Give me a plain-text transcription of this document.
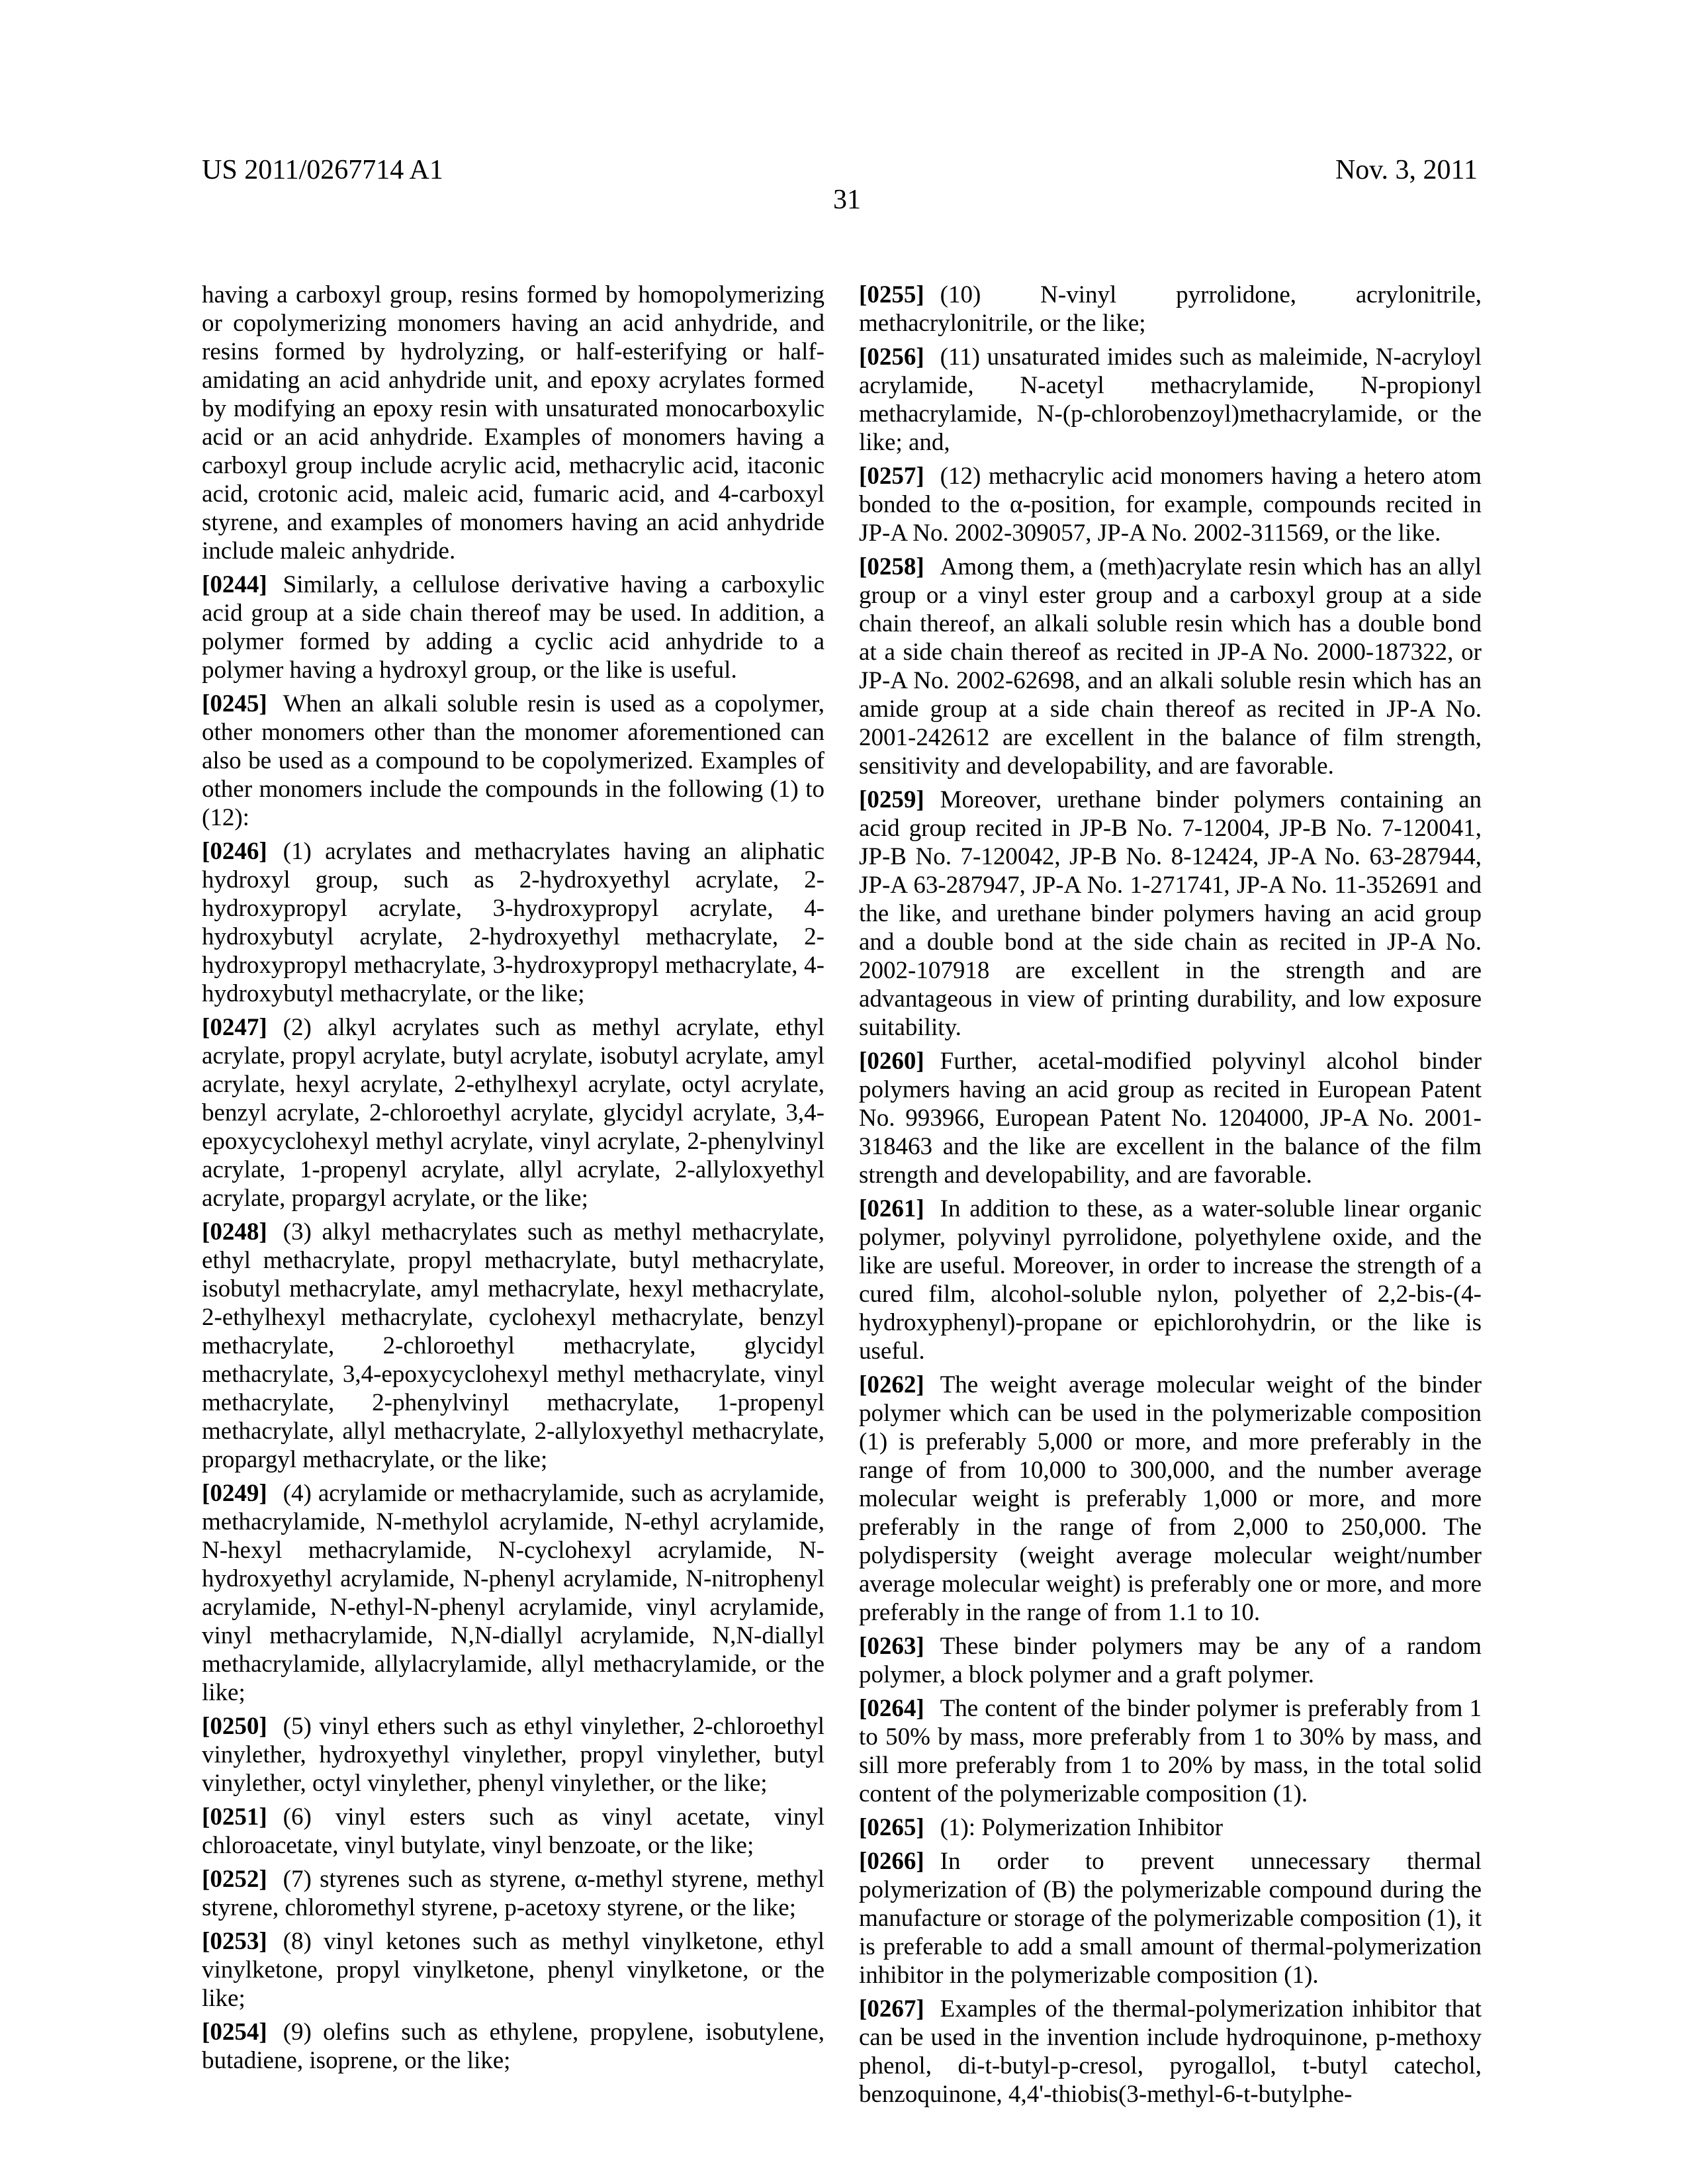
US 2011/0267714 A1	Nov. 3, 2011
31

having a carboxyl group, resins formed by homopolymerizing or copolymerizing monomers having an acid anhydride, and resins formed by hydrolyzing, or half-esterifying or half-amidating an acid anhydride unit, and epoxy acrylates formed by modifying an epoxy resin with unsaturated monocarboxylic acid or an acid anhydride. Examples of monomers having a carboxyl group include acrylic acid, methacrylic acid, itaconic acid, crotonic acid, maleic acid, fumaric acid, and 4-carboxyl styrene, and examples of monomers having an acid anhydride include maleic anhydride.

[0244] Similarly, a cellulose derivative having a carboxylic acid group at a side chain thereof may be used. In addition, a polymer formed by adding a cyclic acid anhydride to a polymer having a hydroxyl group, or the like is useful.

[0245] When an alkali soluble resin is used as a copolymer, other monomers other than the monomer aforementioned can also be used as a compound to be copolymerized. Examples of other monomers include the compounds in the following (1) to (12):

[0246] (1) acrylates and methacrylates having an aliphatic hydroxyl group, such as 2-hydroxyethyl acrylate, 2-hydroxypropyl acrylate, 3-hydroxypropyl acrylate, 4-hydroxybutyl acrylate, 2-hydroxyethyl methacrylate, 2-hydroxypropyl methacrylate, 3-hydroxypropyl methacrylate, 4-hydroxybutyl methacrylate, or the like;

[0247] (2) alkyl acrylates such as methyl acrylate, ethyl acrylate, propyl acrylate, butyl acrylate, isobutyl acrylate, amyl acrylate, hexyl acrylate, 2-ethylhexyl acrylate, octyl acrylate, benzyl acrylate, 2-chloroethyl acrylate, glycidyl acrylate, 3,4-epoxycyclohexyl methyl acrylate, vinyl acrylate, 2-phenylvinyl acrylate, 1-propenyl acrylate, allyl acrylate, 2-allyloxyethyl acrylate, propargyl acrylate, or the like;

[0248] (3) alkyl methacrylates such as methyl methacrylate, ethyl methacrylate, propyl methacrylate, butyl methacrylate, isobutyl methacrylate, amyl methacrylate, hexyl methacrylate, 2-ethylhexyl methacrylate, cyclohexyl methacrylate, benzyl methacrylate, 2-chloroethyl methacrylate, glycidyl methacrylate, 3,4-epoxycyclohexyl methyl methacrylate, vinyl methacrylate, 2-phenylvinyl methacrylate, 1-propenyl methacrylate, allyl methacrylate, 2-allyloxyethyl methacrylate, propargyl methacrylate, or the like;

[0249] (4) acrylamide or methacrylamide, such as acrylamide, methacrylamide, N-methylol acrylamide, N-ethyl acrylamide, N-hexyl methacrylamide, N-cyclohexyl acrylamide, N-hydroxyethyl acrylamide, N-phenyl acrylamide, N-nitrophenyl acrylamide, N-ethyl-N-phenyl acrylamide, vinyl acrylamide, vinyl methacrylamide, N,N-diallyl acrylamide, N,N-diallyl methacrylamide, allylacrylamide, allyl methacrylamide, or the like;

[0250] (5) vinyl ethers such as ethyl vinylether, 2-chloroethyl vinylether, hydroxyethyl vinylether, propyl vinylether, butyl vinylether, octyl vinylether, phenyl vinylether, or the like;

[0251] (6) vinyl esters such as vinyl acetate, vinyl chloroacetate, vinyl butylate, vinyl benzoate, or the like;

[0252] (7) styrenes such as styrene, α-methyl styrene, methyl styrene, chloromethyl styrene, p-acetoxy styrene, or the like;

[0253] (8) vinyl ketones such as methyl vinylketone, ethyl vinylketone, propyl vinylketone, phenyl vinylketone, or the like;

[0254] (9) olefins such as ethylene, propylene, isobutylene, butadiene, isoprene, or the like;

[0255] (10) N-vinyl pyrrolidone, acrylonitrile, methacrylonitrile, or the like;

[0256] (11) unsaturated imides such as maleimide, N-acryloyl acrylamide, N-acetyl methacrylamide, N-propionyl methacrylamide, N-(p-chlorobenzoyl)methacrylamide, or the like; and,

[0257] (12) methacrylic acid monomers having a hetero atom bonded to the α-position, for example, compounds recited in JP-A No. 2002-309057, JP-A No. 2002-311569, or the like.

[0258] Among them, a (meth)acrylate resin which has an allyl group or a vinyl ester group and a carboxyl group at a side chain thereof, an alkali soluble resin which has a double bond at a side chain thereof as recited in JP-A No. 2000-187322, or JP-A No. 2002-62698, and an alkali soluble resin which has an amide group at a side chain thereof as recited in JP-A No. 2001-242612 are excellent in the balance of film strength, sensitivity and developability, and are favorable.

[0259] Moreover, urethane binder polymers containing an acid group recited in JP-B No. 7-12004, JP-B No. 7-120041, JP-B No. 7-120042, JP-B No. 8-12424, JP-A No. 63-287944, JP-A 63-287947, JP-A No. 1-271741, JP-A No. 11-352691 and the like, and urethane binder polymers having an acid group and a double bond at the side chain as recited in JP-A No. 2002-107918 are excellent in the strength and are advantageous in view of printing durability, and low exposure suitability.

[0260] Further, acetal-modified polyvinyl alcohol binder polymers having an acid group as recited in European Patent No. 993966, European Patent No. 1204000, JP-A No. 2001-318463 and the like are excellent in the balance of the film strength and developability, and are favorable.

[0261] In addition to these, as a water-soluble linear organic polymer, polyvinyl pyrrolidone, polyethylene oxide, and the like are useful. Moreover, in order to increase the strength of a cured film, alcohol-soluble nylon, polyether of 2,2-bis-(4-hydroxyphenyl)-propane or epichlorohydrin, or the like is useful.

[0262] The weight average molecular weight of the binder polymer which can be used in the polymerizable composition (1) is preferably 5,000 or more, and more preferably in the range of from 10,000 to 300,000, and the number average molecular weight is preferably 1,000 or more, and more preferably in the range of from 2,000 to 250,000. The polydispersity (weight average molecular weight/number average molecular weight) is preferably one or more, and more preferably in the range of from 1.1 to 10.

[0263] These binder polymers may be any of a random polymer, a block polymer and a graft polymer.

[0264] The content of the binder polymer is preferably from 1 to 50% by mass, more preferably from 1 to 30% by mass, and sill more preferably from 1 to 20% by mass, in the total solid content of the polymerizable composition (1).

[0265] (1): Polymerization Inhibitor

[0266] In order to prevent unnecessary thermal polymerization of (B) the polymerizable compound during the manufacture or storage of the polymerizable composition (1), it is preferable to add a small amount of thermal-polymerization inhibitor in the polymerizable composition (1).

[0267] Examples of the thermal-polymerization inhibitor that can be used in the invention include hydroquinone, p-methoxy phenol, di-t-butyl-p-cresol, pyrogallol, t-butyl catechol, benzoquinone, 4,4'-thiobis(3-methyl-6-t-butylphe-
